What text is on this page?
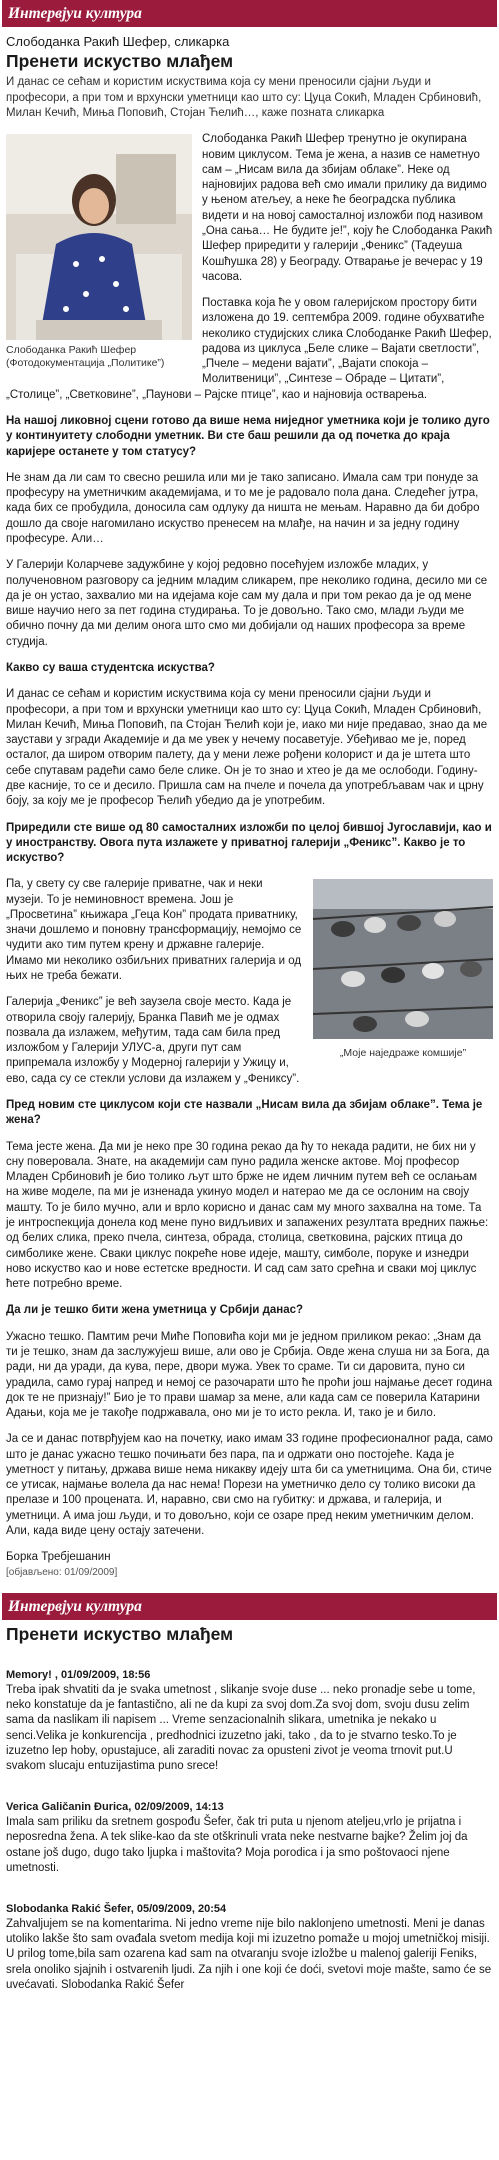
Интервјуи култура
Слободанка Ракић Шефер, сликарка
Пренети искуство млађем

И данас се сећам и користим искуствима која су мени преносили сјајни људи и професори, а при том и врхунски уметници као што су: Цуца Сокић, Младен Србиновић, Милан Кечић, Миња Поповић, Стојан Ћелић…, каже позната сликарка

Слободанка Ракић Шефер
(Фотодокументација „Политике”)

Слободанка Ракић Шефер тренутно је окупирана новим циклусом. Тема је жена, а назив се наметнуо сам – „Нисам вила да збијам облаке”. Неке од најновијих радова већ смо имали прилику да видимо у њеном атељеу, а неке ће београдска публика видети и на новој самосталној изложби под називом „Она сања… Не будите је!”, коју ће Слободанка Ракић Шефер приредити у галерији „Феникс” (Тадеуша Кошћушка 28) у Београду. Отварање је вечерас у 19 часова.

Поставка која ће у овом галеријском простору бити изложена до 19. септембра 2009. године обухватиће неколико студијских слика Слободанке Ракић Шефер, радова из циклуса „Беле слике – Вајати светлости”, „Пчеле – медени вајати”, „Вајати спокоја – Молитвеници”, „Синтезе – Обраде – Цитати”, „Столице”, „Светковине”, „Паунови – Рајске птице”, као и најновија остварења.

На нашој ликовној сцени готово да више нема ниједног уметника који је толико дуго у континуитету слободни уметник. Ви сте баш решили да од почетка до краја каријере останете у том статусу?

Не знам да ли сам то свесно решила или ми је тако записано. Имала сам три понуде за професуру на уметничким академијама, и то ме је радовало пола дана. Следећег јутра, када бих се пробудила, доносила сам одлуку да ништа не мењам. Наравно да би добро дошло да своје нагомилано искуство пренесем на млађе, на начин и за једну годину професуре. Али…

У Галерији Коларчеве задужбине у којој редовно посећујем изложбе младих, у полученовном разговору са једним младим сликарем, пре неколико година, десило ми се да је он устао, захвалио ми на идејама које сам му дала и при том рекао да је од мене више научио него за пет година студирања. То је довољно. Тако смо, млади људи ме обично почну да ми делим онога што смо ми добијали од наших професора за време студија.

Какво су ваша студентска искуства?

И данас се сећам и користим искуствима која су мени преносили сјајни људи и професори, а при том и врхунски уметници као што су: Цуца Сокић, Младен Србиновић, Милан Кечић, Миња Поповић, па Стојан Ћелић који је, иако ми није предавао, знао да ме заустави у згради Академије и да ме увек у нечему посаветује. Убеђивао ме је, поред осталог, да широм отворим палету, да у мени леже рођени колорист и да је штета што себе спутавам радећи само беле слике. Он је то знао и хтео је да ме ослободи. Годину-две касније, то се и десило. Пришла сам на пчеле и почела да употребљавам чак и црну боју, за коју ме је професор Ћелић убедио да је употребим.

Приредили сте више од 80 самосталних изложби по целој бившој Југославији, као и у иностранству. Овога пута излажете у приватној галерији „Феникс”. Какво је то искуство?

„Моје наједраже комшије”

Па, у свету су све галерије приватне, чак и неки музеји. То је неминовност времена. Још је „Просветина” књижара „Геца Кон” продата приватнику, значи дошлемо и поновну трансформацију, немојмо се чудити ако тим путем крену и државне галерије. Имамо ми неколико озбиљних приватних галерија и од њих не треба бежати.

Галерија „Феникс” је већ заузела своје место. Када је отворила своју галерију, Бранка Павић ме је одмах позвала да излажем, међутим, тада сам била пред изложбом у Галерији УЛУС-а, други пут сам припремала изложбу у Модерној галерији у Ужицу и, ево, сада су се стекли услови да излажем у „Фениксу”.

Пред новим сте циклусом који сте назвали „Нисам вила да збијам облаке”. Тема је жена?

Тема јесте жена. Да ми је неко пре 30 година рекао да ћу то некада радити, не бих ни у сну поверовала. Знате, на академији сам пуно радила женске актове. Мој професор Младен Србиновић је био толико љут што бржe не идем личним путем већ се ослањам на живе моделе, па ми је изненада укинуо модел и натерао ме да се ослоним на своју машту. То је било мучно, али и врло корисно и данас сам му много захвална на томе. Та је интроспекција донела код мене пуно видљивих и запажених резултата вредних пажње: од белих слика, преко пчела, синтеза, обрада, столица, светковина, рајских птица до симболике жене. Сваки циклус покреће нове идеје, машту, симболе, порукe и изнедри ново искуство као и нове естетске вредности. И сад сам зато срећна и сваки мој циклус ћете потребно време.

Да ли је тешко бити жена уметница у Србији данас?

Ужасно тешко. Памтим речи Миће Поповића који ми је једном приликом рекао: „Знам да ти је тешко, знам да заслужујеш више, али ово је Србија. Овде жена слуша ни за Бога, да ради, ни да уради, да кува, пере, двори мужа. Увек то сраме. Ти си даровита, пуно си урадила, само гурај напред и немој се разочарати што ће проћи још најмање десет година док те не признају!” Био је то прави шамар за мене, али када сам се поверила Катарини Адањи, која ме је такође подржавала, оно ми је то исто рекла. И, тако је и било.

Ја се и данас потврђујем као на почетку, иако имам 33 године професионалног рада, само што је данас ужасно тешко почињати без пара, па и одржати оно постојеће. Када је уметност у питању, држава више нема никакву идеју шта би са уметницима. Она би, стиче се утисак, најмање волела да нас нема! Порези на уметничко дело су толико високи да прелазе и 100 процената. И, наравно, сви смо на губитку: и држава, и галерија, и уметници. А има још људи, и то довољно, који се озаре пред неким уметничким делом. Али, када виде цену остају затечени.

Борка Требјешанин
[објављено: 01/09/2009]
Интервјуи култура
Пренети искуство млађем
Memory! , 01/09/2009, 18:56
Treba ipak shvatiti da je svaka umetnost , slikanje svoje duse ... neko pronadje sebe u tome, neko konstatuje da je fantastično, ali ne da kupi za svoj dom.Za svoj dom, svoju dusu zelim sama da naslikam ili napisem ... Vreme senzacionalnih slikara, umetnika je nekako u senci.Velika je konkurencija , predhodnici izuzetno jaki, tako , da to je stvarno tesko.To je izuzetno lep hoby, opustajuce, ali zaraditi novac za opusteni zivot je veoma trnovit put.U svakom slucaju entuzijastima puno srece!
Verica Galičanin Đurica, 02/09/2009, 14:13
Imala sam priliku da sretnem gospođu Šefer, čak tri puta u njenom atelјeu,vrlo je prijatna i neposredna žena. A tek slike-kao da ste otškrinuli vrata neke nestvarne bajke? Želim joj da ostane još dugo, dugo tako lјupka i maštovita? Moja porodica i ja smo poštovaoci njene umetnosti.
Slobodanka Rakić Šefer, 05/09/2009, 20:54
Zahvaljujem se na komentarima. Ni jedno vreme nije bilo naklonjeno umetnosti. Meni je danas utoliko lakše što sam ovađala svetom medija koji mi izuzetno pomaže u mojoj umetničkoj misiji. U prilog tome,bila sam ozarena kad sam na otvaranju svoje izložbe u malenoj galeriji Feniks, srela onoliko sjajnih i ostvarenih ljudi. Za njih i one koji će doći, svetovi moje mašte, samo će se uvećavati. Slobodanka Rakić Šefer
